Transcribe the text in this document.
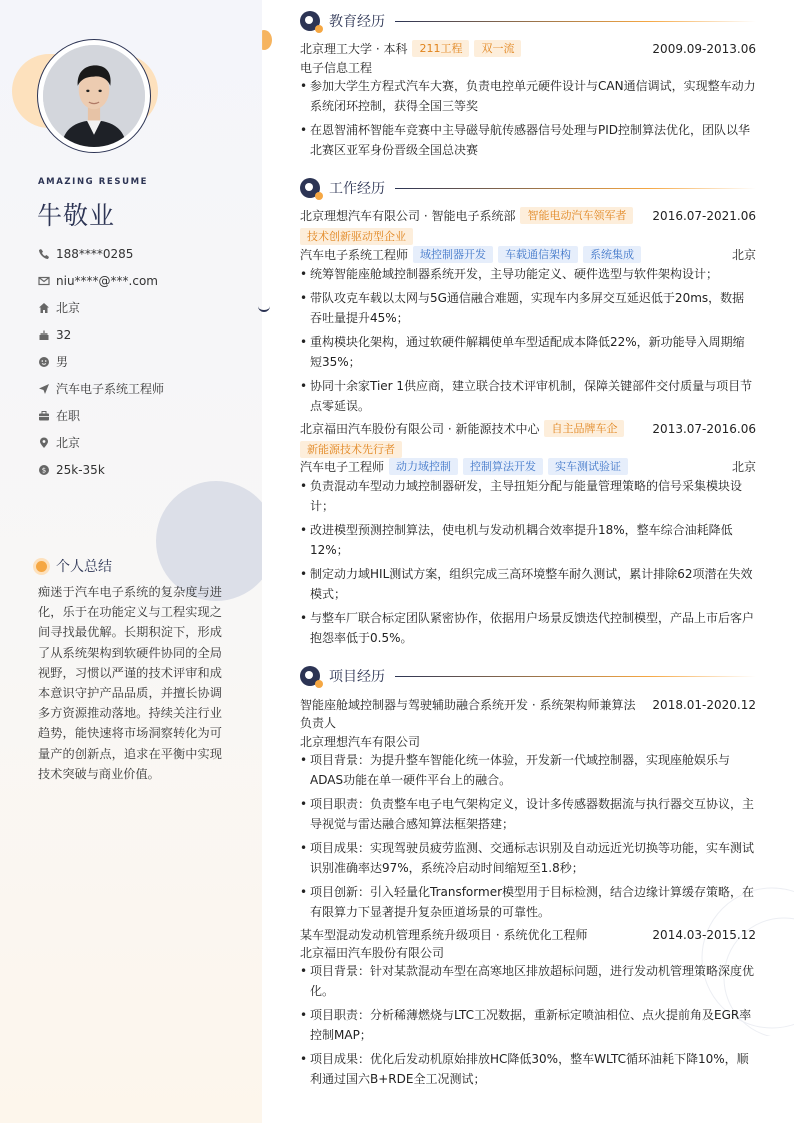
AMAZING RESUME
牛敬业
188****0285
niu****@***.com
北京
32
男
汽车电子系统工程师
在职
北京
$ 25k-35k
个人总结
痴迷于汽车电子系统的复杂度与进化，乐于在功能定义与工程实现之间寻找最优解。长期积淀下，形成了从系统架构到软硬件协同的全局视野，习惯以严谨的技术评审和成本意识守护产品品质，并擅长协调多方资源推动落地。持续关注行业趋势，能快速将市场洞察转化为可量产的创新点，追求在平衡中实现技术突破与商业价值。
教育经历
北京理工大学 · 本科	211工程	双一流	2009.09-2013.06
电子信息工程
• 参加大学生方程式汽车大赛，负责电控单元硬件设计与CAN通信调试，实现整车动力系统闭环控制，获得全国三等奖
• 在恩智浦杯智能车竞赛中主导磁导航传感器信号处理与PID控制算法优化，团队以华北赛区亚军身份晋级全国总决赛
工作经历
北京理想汽车有限公司 · 智能电子系统部	智能电动汽车领军者	2016.07-2021.06
技术创新驱动型企业
汽车电子系统工程师	域控制器开发	车载通信架构	系统集成	北京
• 统筹智能座舱域控制器系统开发，主导功能定义、硬件选型与软件架构设计；
• 带队攻克车载以太网与5G通信融合难题，实现车内多屏交互延迟低于20ms，数据吞吐量提升45%；
• 重构模块化架构，通过软硬件解耦使单车型适配成本降低22%，新功能导入周期缩短35%；
• 协同十余家Tier 1供应商，建立联合技术评审机制，保障关键部件交付质量与项目节点零延误。
北京福田汽车股份有限公司 · 新能源技术中心	自主品牌车企	2013.07-2016.06
新能源技术先行者
汽车电子工程师	动力域控制	控制算法开发	实车测试验证	北京
• 负责混动车型动力域控制器研发，主导扭矩分配与能量管理策略的信号采集模块设计；
• 改进模型预测控制算法，使电机与发动机耦合效率提升18%，整车综合油耗降低12%；
• 制定动力域HIL测试方案，组织完成三高环境整车耐久测试，累计排除62项潜在失效模式；
• 与整车厂联合标定团队紧密协作，依据用户场景反馈迭代控制模型，产品上市后客户抱怨率低于0.5%。
项目经历
智能座舱域控制器与驾驶辅助融合系统开发 · 系统架构师兼算法 2018.01-2020.12
负责人
北京理想汽车有限公司
• 项目背景：为提升整车智能化统一体验，开发新一代域控制器，实现座舱娱乐与ADAS功能在单一硬件平台上的融合。
• 项目职责：负责整车电子电气架构定义，设计多传感器数据流与执行器交互协议，主导视觉与雷达融合感知算法框架搭建；
• 项目成果：实现驾驶员疲劳监测、交通标志识别及自动远近光切换等功能，实车测试识别准确率达97%，系统冷启动时间缩短至1.8秒；
• 项目创新：引入轻量化Transformer模型用于目标检测，结合边缘计算缓存策略，在有限算力下显著提升复杂匝道场景的可靠性。
某车型混动发动机管理系统升级项目 · 系统优化工程师	2014.03-2015.12
北京福田汽车股份有限公司
• 项目背景：针对某款混动车型在高寒地区排放超标问题，进行发动机管理策略深度优化。
• 项目职责：分析稀薄燃烧与LTC工况数据，重新标定喷油相位、点火提前角及EGR率控制MAP；
• 项目成果：优化后发动机原始排放HC降低30%，整车WLTC循环油耗下降10%，顺利通过国六B+RDE全工况测试；
